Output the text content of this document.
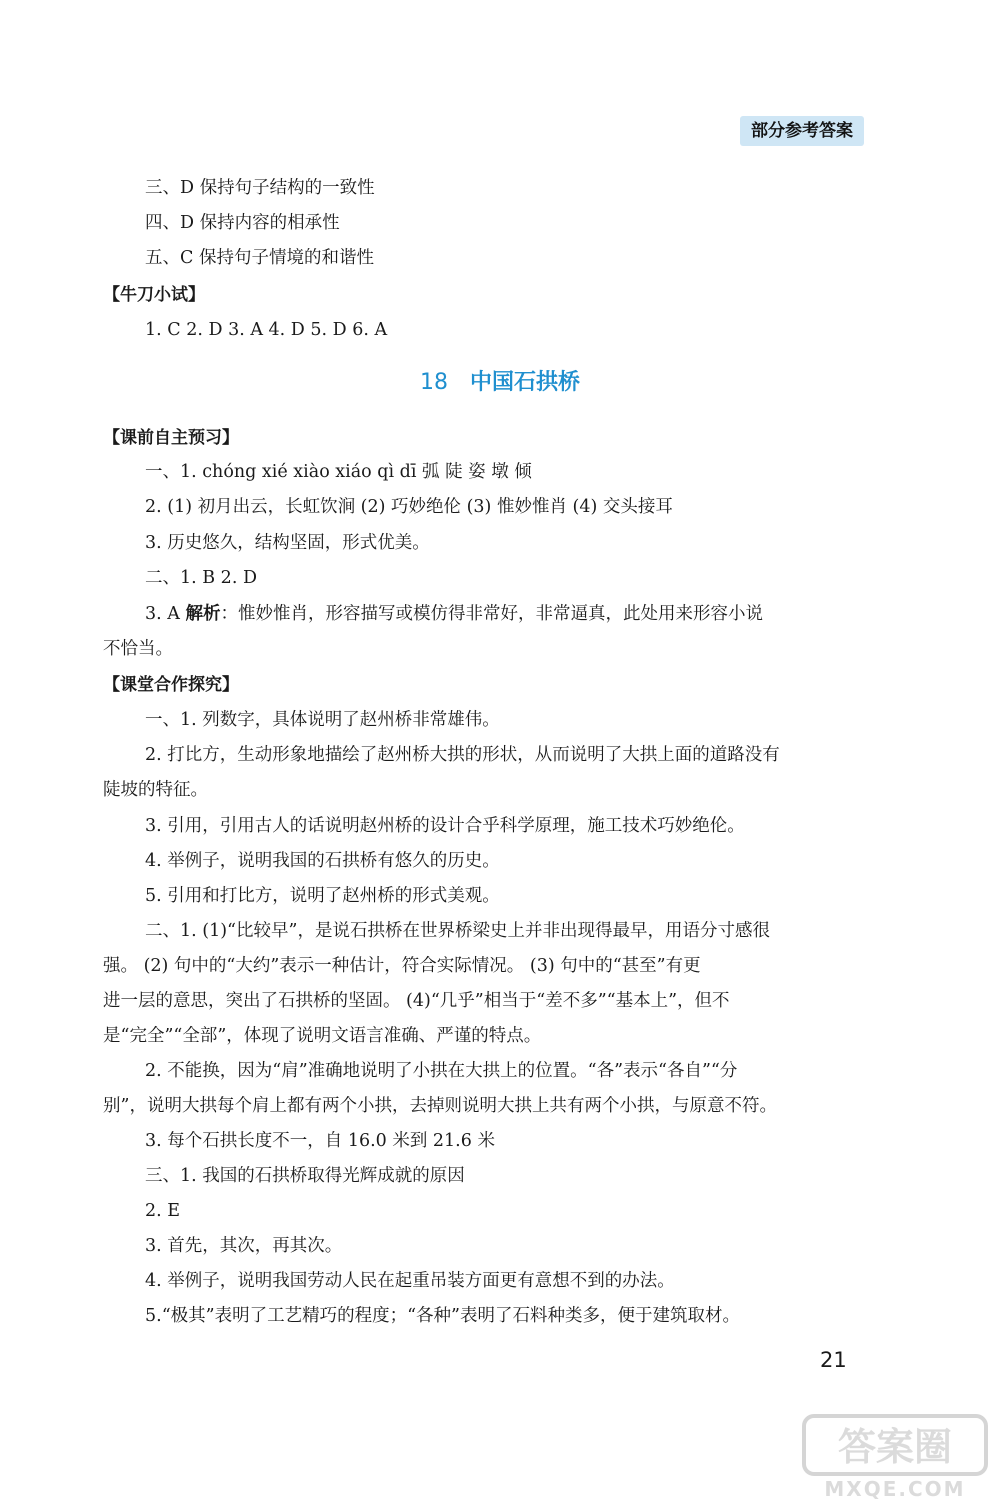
部分参考答案
三、D 保持句子结构的一致性
四、D 保持内容的相承性
五、C 保持句子情境的和谐性
【牛刀小试】
1. C 2. D 3. A 4. D 5. D 6. A
18 中国石拱桥
【课前自主预习】
一、1. chóng xié xiào xiáo qì dī 弧 陡 姿 墩 倾
2. (1) 初月出云，长虹饮涧 (2) 巧妙绝伦 (3) 惟妙惟肖 (4) 交头接耳
3. 历史悠久，结构坚固，形式优美。
二、1. B 2. D
3. A 解析：惟妙惟肖，形容描写或模仿得非常好，非常逼真，此处用来形容小说
不恰当。
【课堂合作探究】
一、1. 列数字，具体说明了赵州桥非常雄伟。
2. 打比方，生动形象地描绘了赵州桥大拱的形状，从而说明了大拱上面的道路没有
陡坡的特征。
3. 引用，引用古人的话说明赵州桥的设计合乎科学原理，施工技术巧妙绝伦。
4. 举例子，说明我国的石拱桥有悠久的历史。
5. 引用和打比方，说明了赵州桥的形式美观。
二、1. (1)“比较早”，是说石拱桥在世界桥梁史上并非出现得最早，用语分寸感很
强。 (2) 句中的“大约”表示一种估计，符合实际情况。 (3) 句中的“甚至”有更
进一层的意思，突出了石拱桥的坚固。 (4)“几乎”相当于“差不多”“基本上”，但不
是“完全”“全部”，体现了说明文语言准确、严谨的特点。
2. 不能换，因为“肩”准确地说明了小拱在大拱上的位置。“各”表示“各自”“分
别”，说明大拱每个肩上都有两个小拱，去掉则说明大拱上共有两个小拱，与原意不符。
3. 每个石拱长度不一，自 16.0 米到 21.6 米
三、1. 我国的石拱桥取得光辉成就的原因
2. E
3. 首先，其次，再其次。
4. 举例子，说明我国劳动人民在起重吊装方面更有意想不到的办法。
5.“极其”表明了工艺精巧的程度；“各种”表明了石料种类多，便于建筑取材。
21
答案圈
MXQE.COM
